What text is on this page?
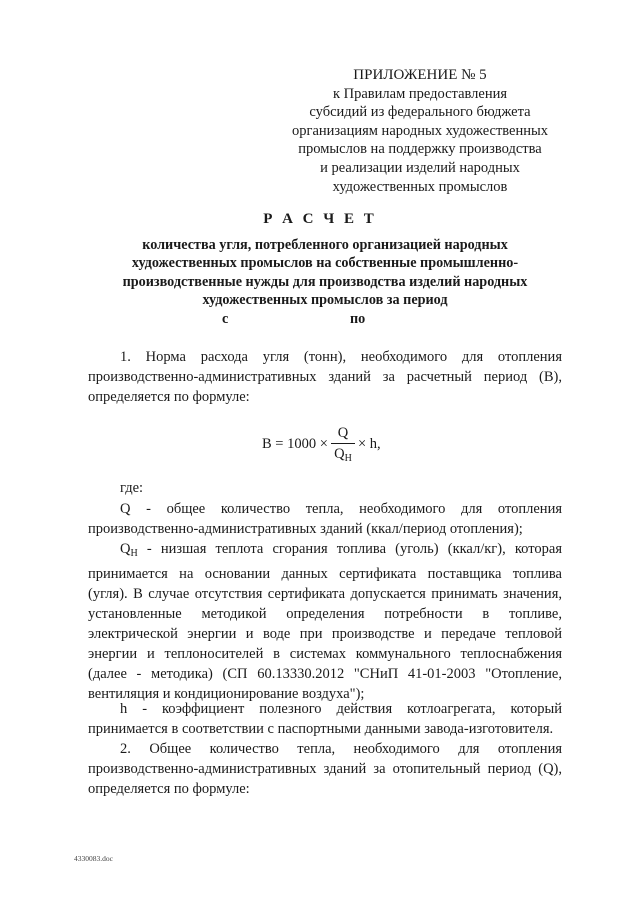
ПРИЛОЖЕНИЕ № 5
к Правилам предоставления
субсидий из федерального бюджета
организациям народных художественных
промыслов на поддержку производства
и реализации изделий народных
художественных промыслов
Р А С Ч Е Т
количества угля, потребленного организацией народных
художественных промыслов на собственные промышленно-
производственные нужды для производства изделий народных
художественных промыслов за период
с	по
1. Норма расхода угля (тонн), необходимого для отопления
производственно-административных зданий за расчетный период (B),
определяется по формуле:
B = 1000 ×
Q
$Q_Н$
× h,
где:
Q - общее количество тепла, необходимого для отопления
производственно-административных зданий (ккал/период отопления);
$Q_Н$ - низшая теплота сгорания топлива (уголь) (ккал/кг), которая
принимается на основании данных сертификата поставщика топлива
(угля). В случае отсутствия сертификата допускается принимать значения,
установленные методикой определения потребности в топливе,
электрической энергии и воде при производстве и передаче тепловой
энергии и теплоносителей в системах коммунального теплоснабжения
(далее - методика) (СП 60.13330.2012 "СНиП 41-01-2003 "Отопление,
вентиляция и кондиционирование воздуха");
h - коэффициент полезного действия котлоагрегата, который
принимается в соответствии с паспортными данными завода-изготовителя.
2. Общее количество тепла, необходимого для отопления
производственно-административных зданий за отопительный период (Q),
определяется по формуле:
4330083.doc
